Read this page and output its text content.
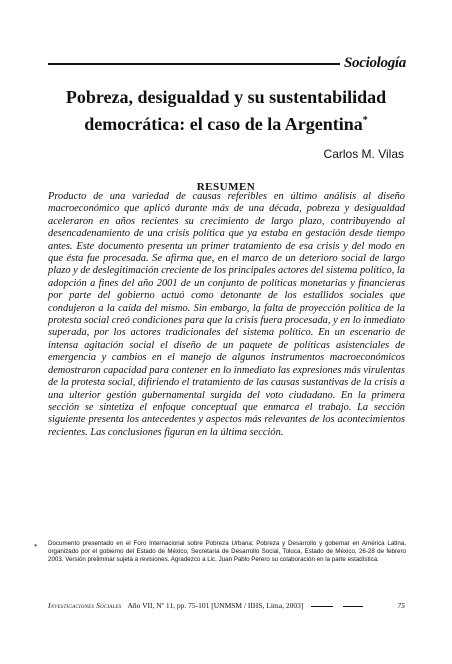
Sociología
Pobreza, desigualdad y su sustentabilidad democrática: el caso de la Argentina*
Carlos M. Vilas
RESUMEN

Producto de una variedad de causas referibles en último análisis al diseño macroeconómico que aplicó durante más de una década, pobreza y desigualdad aceleraron en años recientes su crecimiento de largo plazo, contribuyendo al desencadenamiento de una crisis política que ya estaba en gestación desde tiempo antes. Este documento presenta un primer tratamiento de esa crisis y del modo en que ésta fue procesada. Se afirma que, en el marco de un deterioro social de largo plazo y de deslegitimación creciente de los principales actores del sistema político, la adopción a fines del año 2001 de un conjunto de políticas monetarias y financieras por parte del gobierno actuó como detonante de los estallidos sociales que condujeron a la caída del mismo. Sin embargo, la falta de proyección política de la protesta social creó condiciones para que la crisis fuera procesada, y en lo inmediato superada, por los actores tradicionales del sistema político. En un escenario de intensa agitación social el diseño de un paquete de políticas asistenciales de emergencia y cambios en el manejo de algunos instrumentos macroeconómicos demostraron capacidad para contener en lo inmediato las expresiones más virulentas de la protesta social, difiriendo el tratamiento de las causas sustantivas de la crisis a una ulterior gestión gubernamental surgida del voto ciudadano. En la primera sección se sintetiza el enfoque conceptual que enmarca el trabajo. La sección siguiente presenta los antecedentes y aspectos más relevantes de los acontecimientos recientes. Las conclusiones figuran en la última sección.

* Documento presentado en el Foro Internacional sobre Pobreza Urbana: Pobreza y Desarrollo y gobernar en América Latina, organizado por el gobierno del Estado de México, Secretaría de Desarrollo Social, Toluca, Estado de México, 26-28 de febrero 2003. Versión preliminar sujeta a revisiones. Agradezco a Lic. Juan Pablo Perero su colaboración en la parte estadística.

Investigaciones Sociales Año VII, Nº 11, pp. 75-101 [UNMSM / IIHS, Lima, 2003]	75
